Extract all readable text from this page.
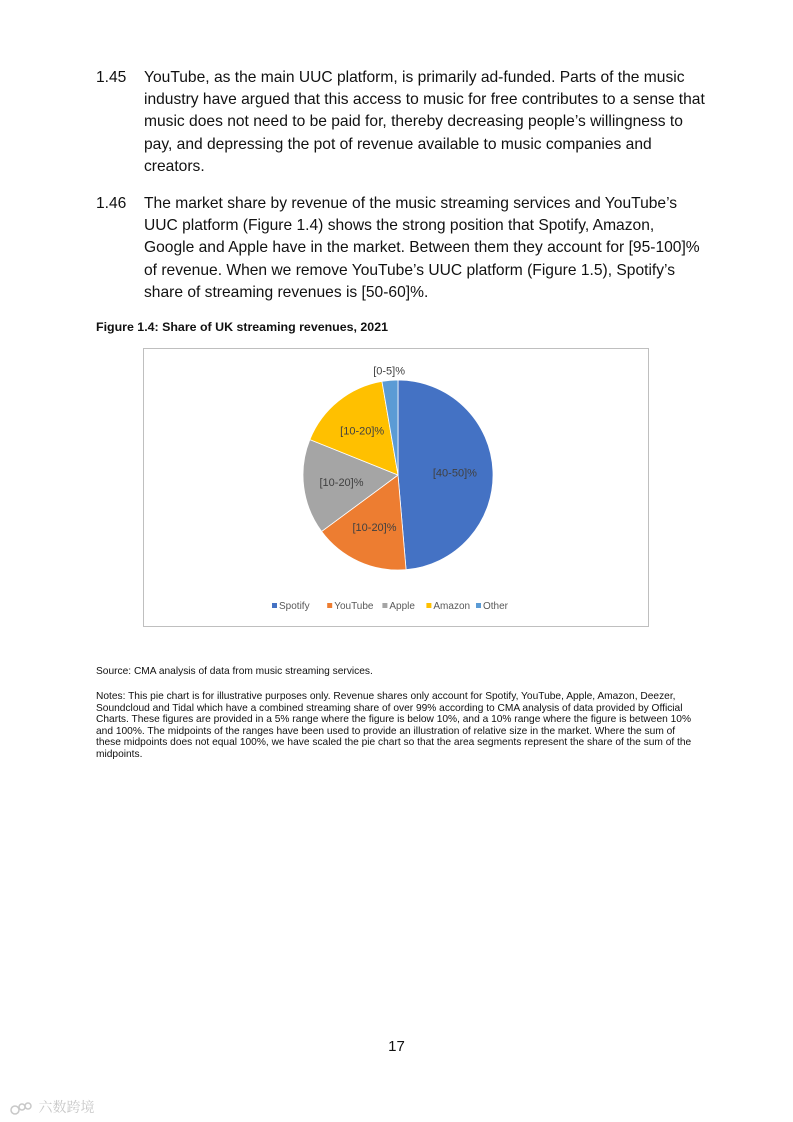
1.45 YouTube, as the main UUC platform, is primarily ad-funded. Parts of the music industry have argued that this access to music for free contributes to a sense that music does not need to be paid for, thereby decreasing people’s willingness to pay, and depressing the pot of revenue available to music companies and creators.
1.46 The market share by revenue of the music streaming services and YouTube’s UUC platform (Figure 1.4) shows the strong position that Spotify, Amazon, Google and Apple have in the market. Between them they account for [95-100]% of revenue. When we remove YouTube’s UUC platform (Figure 1.5), Spotify’s share of streaming revenues is [50-60]%.
Figure 1.4: Share of UK streaming revenues, 2021
[40-50]%
[10-20]%
[10-20]%
[10-20]%
[0-5]%
Spotify YouTube Apple Amazon Other
Source: CMA analysis of data from music streaming services.
Notes: This pie chart is for illustrative purposes only. Revenue shares only account for Spotify, YouTube, Apple, Amazon, Deezer, Soundcloud and Tidal which have a combined streaming share of over 99% according to CMA analysis of data provided by Official Charts. These figures are provided in a 5% range where the figure is below 10%, and a 10% range where the figure is between 10% and 100%. The midpoints of the ranges have been used to provide an illustration of relative size in the market. Where the sum of these midpoints does not equal 100%, we have scaled the pie chart so that the area segments represent the share of the sum of the midpoints.
17
六数跨境
